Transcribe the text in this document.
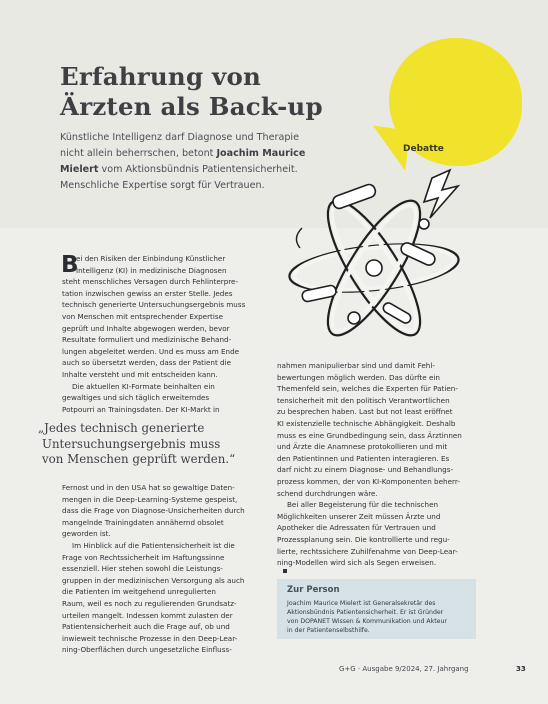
Debatte
Erfahrung von
Ärzten als Back-up
Künstliche Intelligenz darf Diagnose und Therapie
nicht allein beherrschen, betont Joachim Maurice
Mielert vom Aktionsbündnis Patientensicherheit.
Menschliche Expertise sorgt für Vertrauen.
B
ei den Risiken der Einbindung Künstlicher
Intelligenz (KI) in medizinische Diagnosen
steht menschliches Versagen durch Fehlinterpre-
tation inzwischen gewiss an erster Stelle. Jedes
technisch generierte Untersuchungsergebnis muss
von Menschen mit entsprechender Expertise
geprüft und Inhalte abgewogen werden, bevor
Resultate formuliert und medizinische Behand-
lungen abgeleitet werden. Und es muss am Ende
auch so übersetzt werden, dass der Patient die
Inhalte versteht und mit entscheiden kann.
Die aktuellen KI-Formate beinhalten ein
gewaltiges und sich täglich erweiterndes
Potpourri an Trainingsdaten. Der KI-Markt in
„Jedes technisch generierte
Untersuchungsergebnis muss
von Menschen geprüft werden.“
Fernost und in den USA hat so gewaltige Daten-
mengen in die Deep-Learning-Systeme gespeist,
dass die Frage von Diagnose-Unsicherheiten durch
mangelnde Trainingdaten annähernd obsolet
geworden ist.
Im Hinblick auf die Patientensicherheit ist die
Frage von Rechtssicherheit im Haftungssinne
essenziell. Hier stehen sowohl die Leistungs-
gruppen in der medizinischen Versorgung als auch
die Patienten im weitgehend unregulierten
Raum, weil es noch zu regulierenden Grundsatz-
urteilen mangelt. Indessen kommt zulasten der
Patientensicherheit auch die Frage auf, ob und
inwieweit technische Prozesse in den Deep-Lear-
ning-Oberflächen durch ungesetzliche Einfluss-
nahmen manipulierbar sind und damit Fehl-
bewertungen möglich werden. Das dürfte ein
Themenfeld sein, welches die Experten für Patien-
tensicherheit mit den politisch Verantwortlichen
zu besprechen haben. Last but not least eröffnet
KI existenzielle technische Abhängigkeit. Deshalb
muss es eine Grundbedingung sein, dass Ärztinnen
und Ärzte die Anamnese protokollieren und mit
den Patientinnen und Patienten interagieren. Es
darf nicht zu einem Diagnose- und Behandlungs-
prozess kommen, der von KI-Komponenten beherr-
schend durchdrungen wäre.
Bei aller Begeisterung für die technischen
Möglichkeiten unserer Zeit müssen Ärzte und
Apotheker die Adressaten für Vertrauen und
Prozessplanung sein. Die kontrollierte und regu-
lierte, rechtssichere Zuhilfenahme von Deep-Lear-
ning-Modellen wird sich als Segen erweisen.
Zur Person
Joachim Maurice Mielert ist Generalsekretär des
Aktionsbündnis Patientensicherheit. Er ist Gründer
von DOPANET Wissen & Kommunikation und Akteur
in der Patientenselbsthilfe.
G+G · Ausgabe 9/2024, 27. Jahrgang	33
